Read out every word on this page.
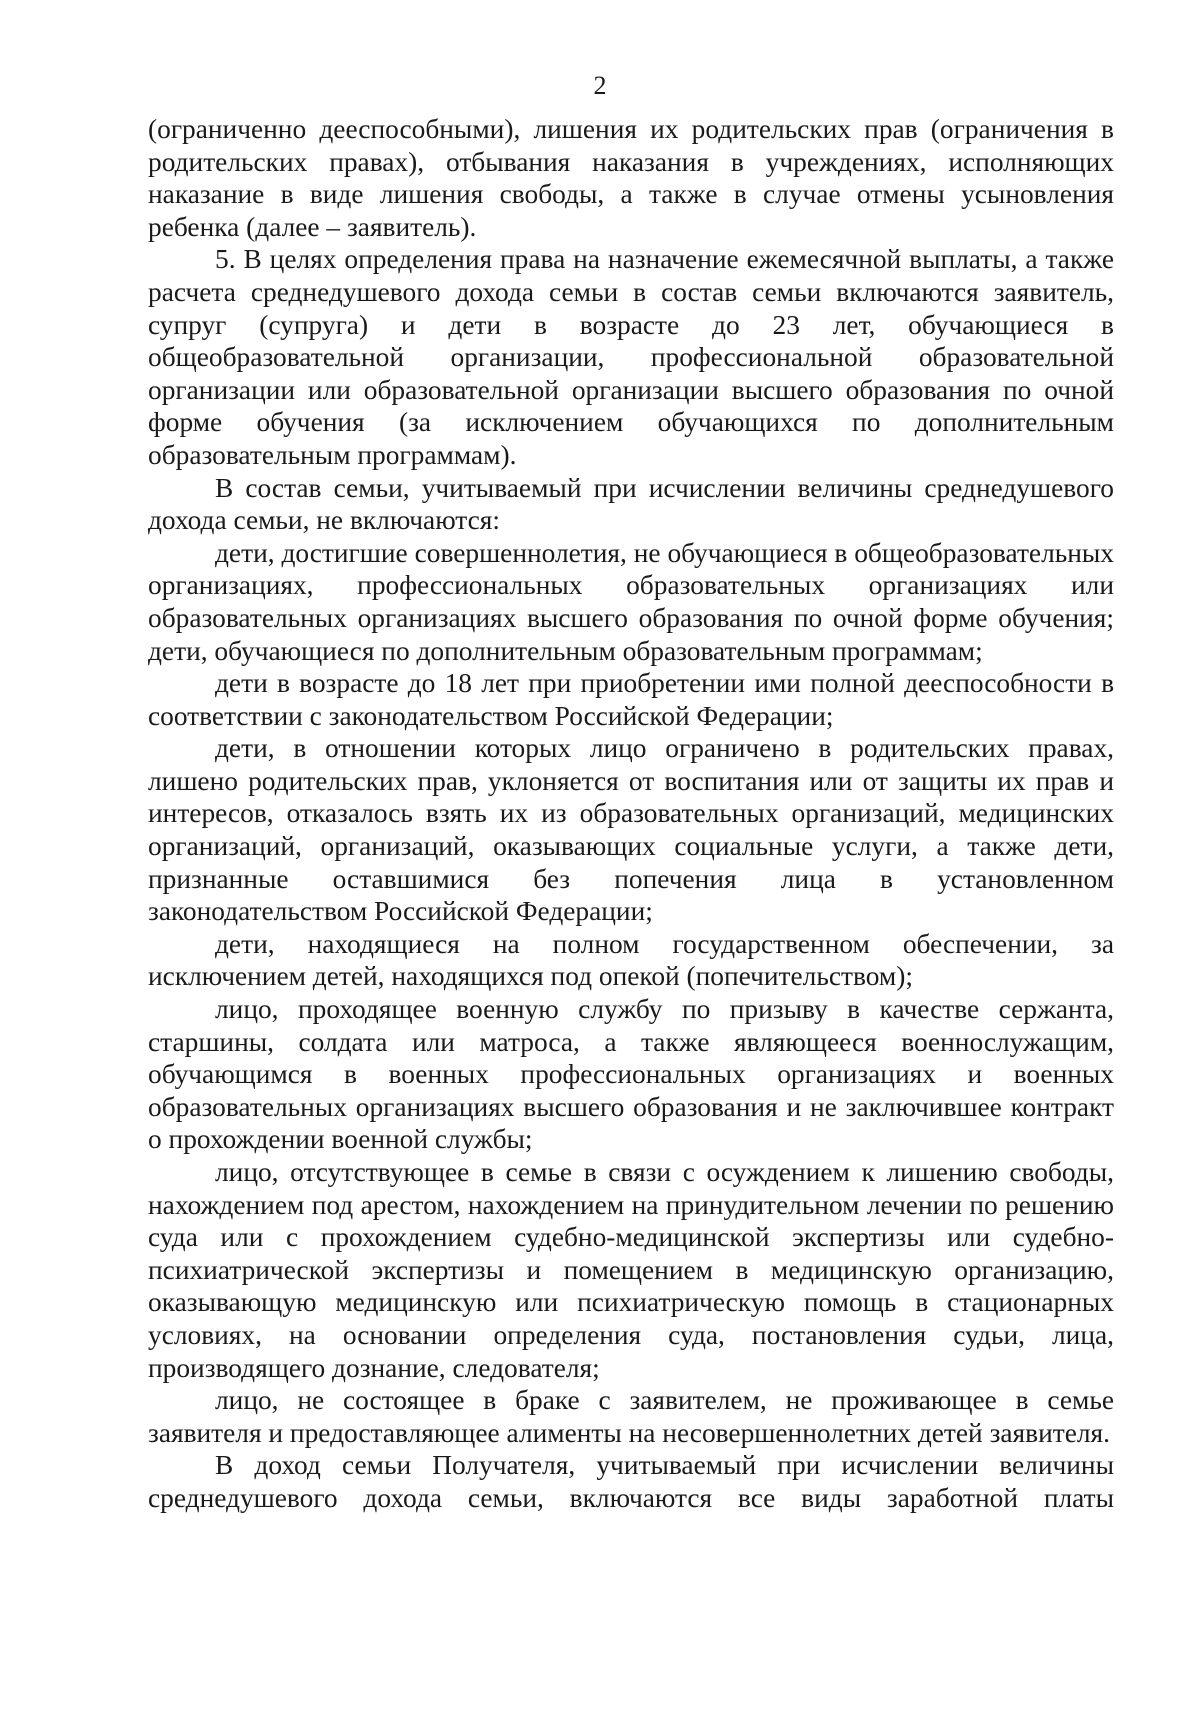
2

(ограниченно дееспособными), лишения их родительских прав (ограничения в родительских правах), отбывания наказания в учреждениях, исполняющих наказание в виде лишения свободы, а также в случае отмены усыновления ребенка (далее – заявитель).

5. В целях определения права на назначение ежемесячной выплаты, а также расчета среднедушевого дохода семьи в состав семьи включаются заявитель, супруг (супруга) и дети в возрасте до 23 лет, обучающиеся в общеобразовательной организации, профессиональной образовательной организации или образовательной организации высшего образования по очной форме обучения (за исключением обучающихся по дополнительным образовательным программам).

В состав семьи, учитываемый при исчислении величины среднедушевого дохода семьи, не включаются:

дети, достигшие совершеннолетия, не обучающиеся в общеобразовательных организациях, профессиональных образовательных организациях или образовательных организациях высшего образования по очной форме обучения; дети, обучающиеся по дополнительным образовательным программам;

дети в возрасте до 18 лет при приобретении ими полной дееспособности в соответствии с законодательством Российской Федерации;

дети, в отношении которых лицо ограничено в родительских правах, лишено родительских прав, уклоняется от воспитания или от защиты их прав и интересов, отказалось взять их из образовательных организаций, медицинских организаций, организаций, оказывающих социальные услуги, а также дети, признанные оставшимися без попечения лица в установленном законодательством Российской Федерации;

дети, находящиеся на полном государственном обеспечении, за исключением детей, находящихся под опекой (попечительством);

лицо, проходящее военную службу по призыву в качестве сержанта, старшины, солдата или матроса, а также являющееся военнослужащим, обучающимся в военных профессиональных организациях и военных образовательных организациях высшего образования и не заключившее контракт о прохождении военной службы;

лицо, отсутствующее в семье в связи с осуждением к лишению свободы, нахождением под арестом, нахождением на принудительном лечении по решению суда или с прохождением судебно-медицинской экспертизы или судебно-психиатрической экспертизы и помещением в медицинскую организацию, оказывающую медицинскую или психиатрическую помощь в стационарных условиях, на основании определения суда, постановления судьи, лица, производящего дознание, следователя;

лицо, не состоящее в браке с заявителем, не проживающее в семье заявителя и предоставляющее алименты на несовершеннолетних детей заявителя.

В доход семьи Получателя, учитываемый при исчислении величины среднедушевого дохода семьи, включаются все виды заработной платы
